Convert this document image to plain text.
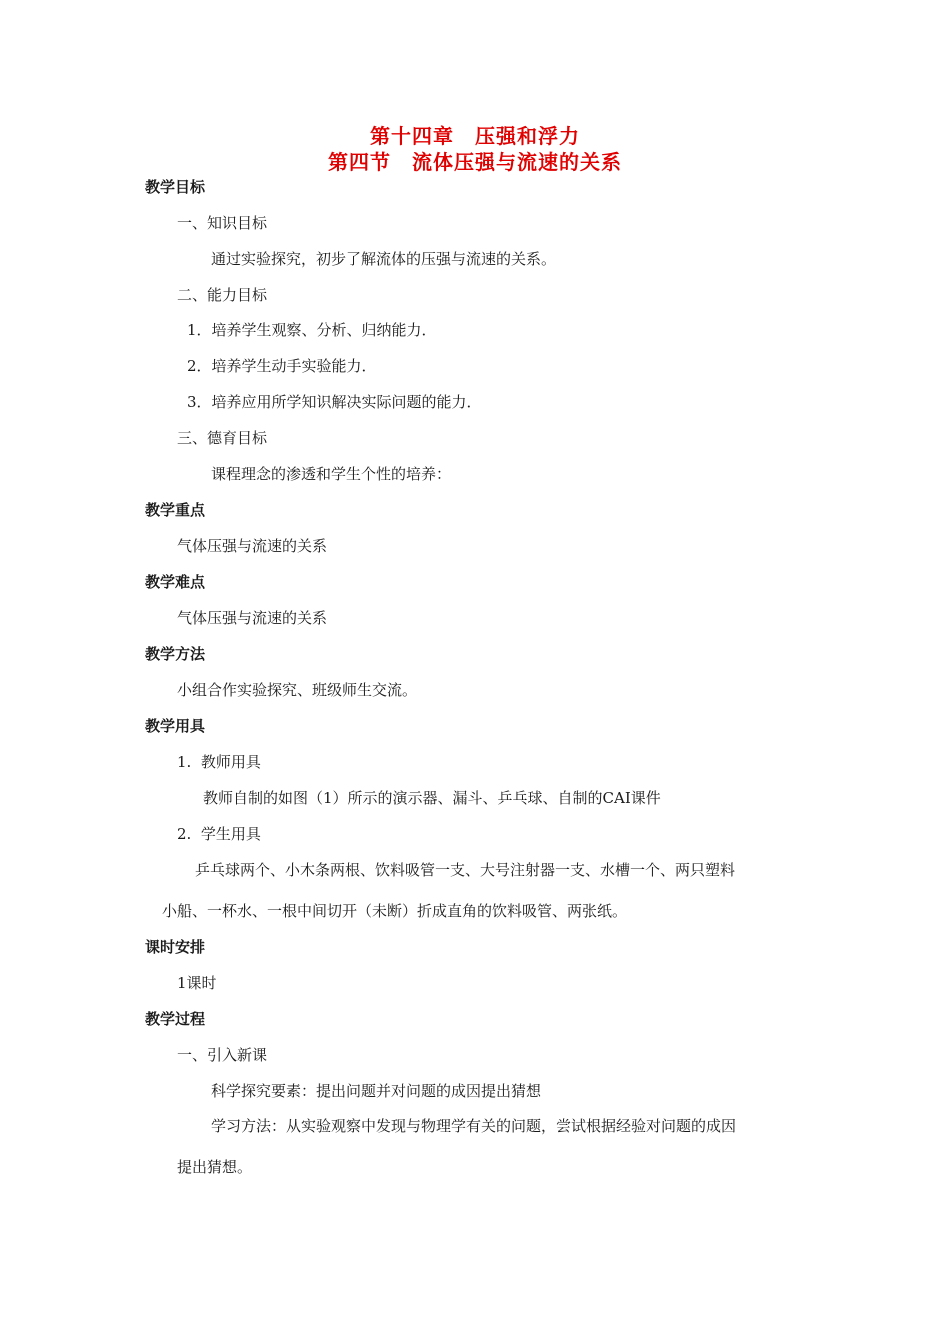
第十四章　压强和浮力
第四节　流体压强与流速的关系
教学目标
一、知识目标
通过实验探究，初步了解流体的压强与流速的关系。
二、能力目标
1．培养学生观察、分析、归纳能力．
2．培养学生动手实验能力．
3．培养应用所学知识解决实际问题的能力．
三、德育目标
课程理念的渗透和学生个性的培养：
教学重点
气体压强与流速的关系
教学难点
气体压强与流速的关系
教学方法
小组合作实验探究、班级师生交流。
教学用具
1.  教师用具
教师自制的如图（1）所示的演示器、漏斗、乒乓球、自制的CAI课件
2.  学生用具
乒乓球两个、小木条两根、饮料吸管一支、大号注射器一支、水槽一个、两只塑料
小船、一杯水、一根中间切开（未断）折成直角的饮料吸管、两张纸。
课时安排
1课时
教学过程
一、引入新课
科学探究要素：提出问题并对问题的成因提出猜想
学习方法：从实验观察中发现与物理学有关的问题，尝试根据经验对问题的成因
提出猜想。
